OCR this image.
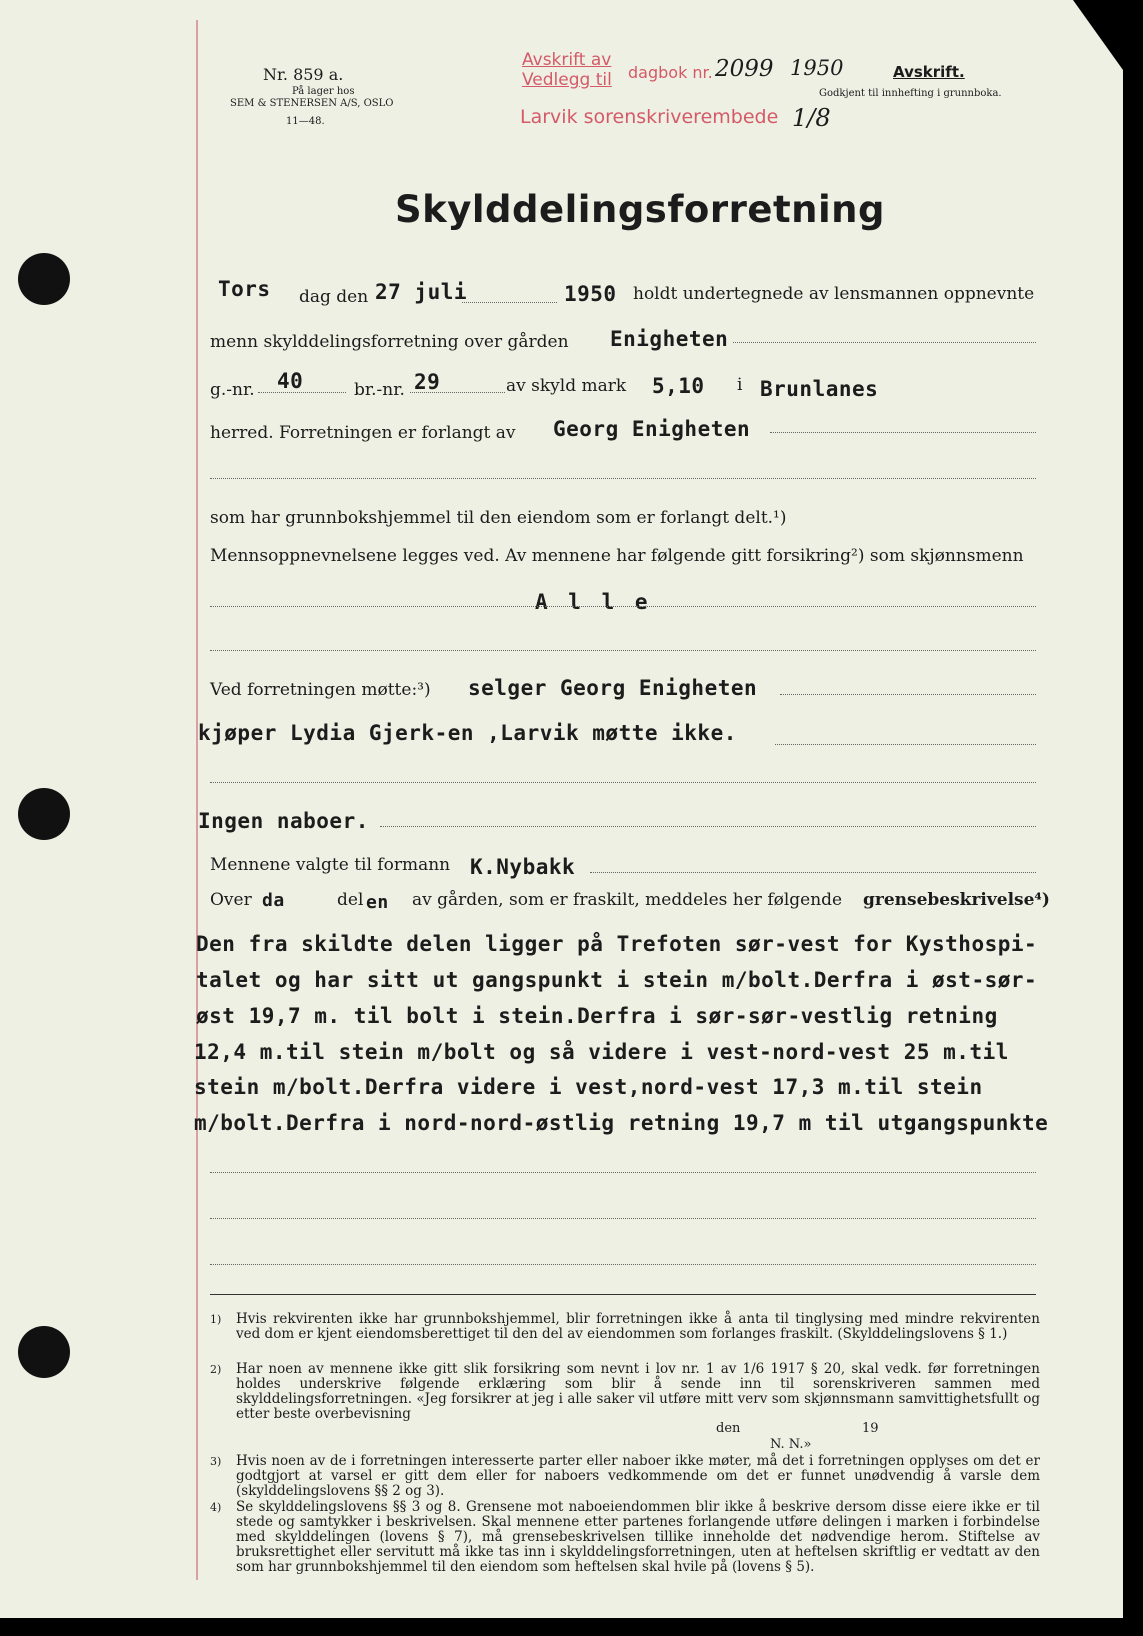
Nr. 859 a.
På lager hos
SEM & STENERSEN A/S, OSLO
11—48.
Avskrift av
Vedlegg til dagbok nr.
Larvik sorenskriverembede
2099 1950
1/8
Avskrift.
Godkjent til innhefting i grunnboka.
Skylddelingsforretning
Tors dag den 27 juli	1950 holdt undertegnede av lensmannen oppnevnte
menn skylddelingsforretning over gården Enigheten
g.-nr. 40	br.-nr. 29	av skyld mark 5,10 i Brunlanes
herred. Forretningen er forlangt av Georg Enigheten
som har grunnbokshjemmel til den eiendom som er forlangt delt.¹)
Mennsoppnevnelsene legges ved. Av mennene har følgende gitt forsikring²) som skjønnsmenn
A l l e
Ved forretningen møtte:³) selger Georg Enigheten
kjøper Lydia Gjerk-en ,Larvik møtte ikke.
Ingen naboer.
Mennene valgte til formann K.Nybakk
Over da	del en av gården, som er fraskilt, meddeles her følgende grensebeskrivelse⁴)
Den fra skildte delen ligger på Trefoten sør-vest for Kysthospi-
talet og har sitt ut gangspunkt i stein m/bolt.Derfra i øst-sør-
øst 19,7 m. til bolt i stein.Derfra i sør-sør-vestlig retning
12,4 m.til stein m/bolt og så videre i vest-nord-vest 25 m.til
stein m/bolt.Derfra videre i vest,nord-vest 17,3 m.til stein
m/bolt.Derfra i nord-nord-østlig retning 19,7 m til utgangspunkte
1) Hvis rekvirenten ikke har grunnbokshjemmel, blir forretningen ikke å anta til tinglysing med mindre rekvirenten ved dom er kjent eiendomsberettiget til den del av eiendommen som forlanges fraskilt. (Skylddelingslovens § 1.)
2) Har noen av mennene ikke gitt slik forsikring som nevnt i lov nr. 1 av 1/6 1917 § 20, skal vedk. før forretningen holdes underskrive følgende erklæring som blir å sende inn til sorenskriveren sammen med skylddelingsforretningen. «Jeg forsikrer at jeg i alle saker vil utføre mitt verv som skjønnsmann samvittighetsfullt og etter beste overbevisning
den	19
N. N.»
3) Hvis noen av de i forretningen interesserte parter eller naboer ikke møter, må det i forretningen opplyses om det er godtgjort at varsel er gitt dem eller for naboers vedkommende om det er funnet unødvendig å varsle dem (skylddelingslovens §§ 2 og 3).
4) Se skylddelingslovens §§ 3 og 8. Grensene mot naboeiendommen blir ikke å beskrive dersom disse eiere ikke er til stede og samtykker i beskrivelsen. Skal mennene etter partenes forlangende utføre delingen i marken i forbindelse med skylddelingen (lovens § 7), må grensebeskrivelsen tillike inneholde det nødvendige herom. Stiftelse av bruksrettighet eller servitutt må ikke tas inn i skylddelingsforretningen, uten at heftelsen skriftlig er vedtatt av den som har grunnbokshjemmel til den eiendom som heftelsen skal hvile på (lovens § 5).
